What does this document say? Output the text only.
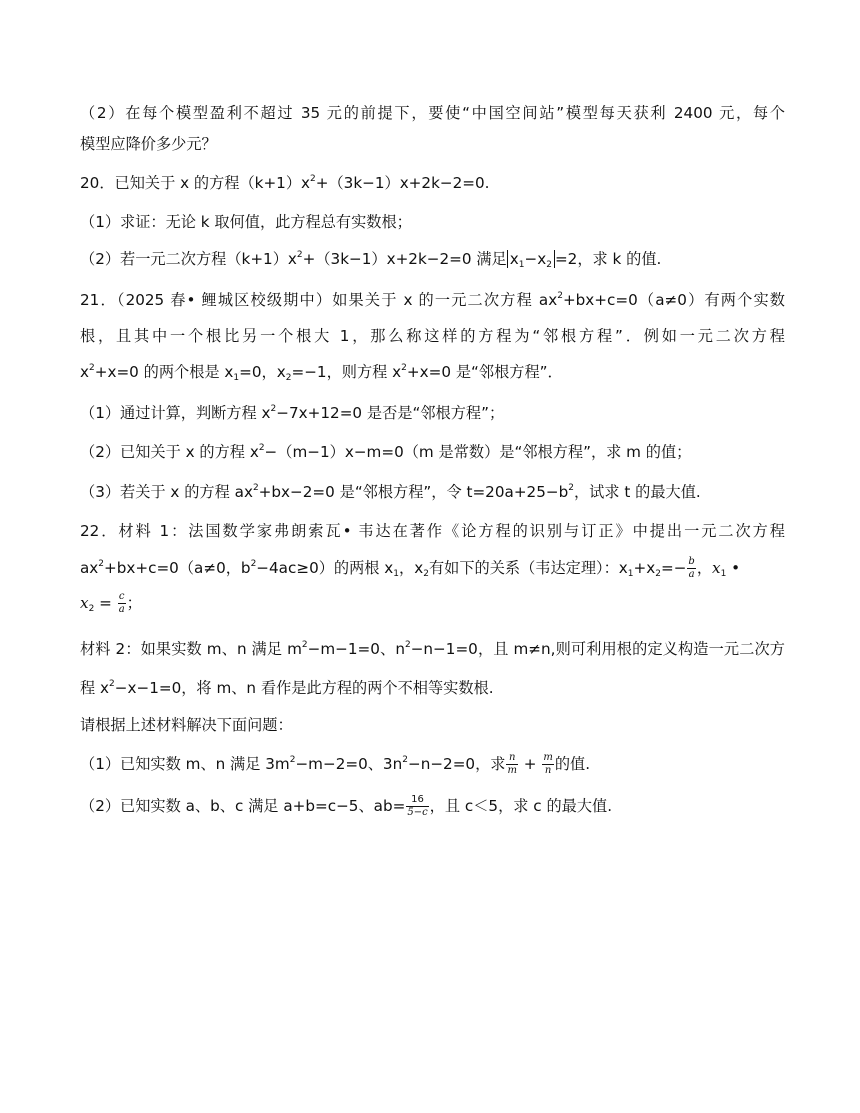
（2）在每个模型盈利不超过 35 元的前提下，要使“中国空间站”模型每天获利 2400 元，每个
模型应降价多少元？
20．已知关于 x 的方程$(k+1)x^2+(3k-1)x+2k-2=0$.
（1）求证：无论 k 取何值，此方程总有实数根；
（2）若一元二次方程$(k+1)x^2+(3k-1)x+2k-2=0$ 满足 $x_1-x_2 =2$，求 k 的值.
21．（2025 春• 鲤城区校级期中）如果关于 x 的一元二次方程 $ax^2+bx+c=0(a\ne 0)$有两个实数
根，且其中一个根比另一个根大 1，那么称这样的方程为“邻根方程”．例如一元二次方程
$x^2+x=0$ 的两个根是 $x_1=0$，$x_2=-1$，则方程 $x^2+x=0$ 是“邻根方程”．
（1）通过计算，判断方程 $x^2-7x+12=0$ 是否是“邻根方程”；
（2）已知关于 x 的方程 $x^2-(m-1)x-m=0(m$ 是常数）是“邻根方程”，求 m 的值；
（3）若关于 x 的方程 $ax^2+bx-2=0$ 是“邻根方程”，令 $t=20a+25-b^2$，试求 t 的最大值.
22．材料 1：法国数学家弗朗索瓦• 韦达在著作《论方程的识别与订正》中提出一元二次方程
$ax^2+bx+c=0(a\ne 0$，$b^2-4ac\ge 0$）的两根 $x_1$，$x_2$有如下的关系（韦达定理）：$x_1+x_2=- \frac{b}{a}$ ，$x_1$ •
$x_2 = \frac{c}{a}$ ；
材料 2：如果实数 m、n 满足 $m^2-m-1=0$、$n^2-n-1=0$，且 m≠n,则可利用根的定义构造一元二次方
程 $x^2-x-1=0$，将 m、n 看作是此方程的两个不相等实数根.
请根据上述材料解决下面问题：
（1）已知实数 m、n 满足 $3m^2-m-2=0$、$3n^2-n-2=0$，求 $\frac{n}{m} + \frac{m}{n}$ 的值.
（2）已知实数 a、b、c 满足 a+b=c−5、$ab= \frac{16}{5-c}$ ，且 c＜5，求 c 的最大值.
